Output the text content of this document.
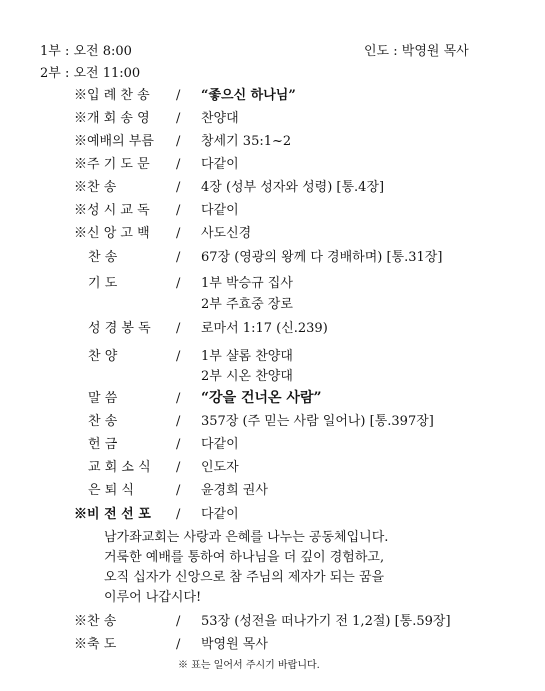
1부 : 오전 8:00
2부 : 오전 11:00
인도 : 박영원 목사
※입 례 찬 송 / “좋으신 하나님”
※개 회 송 영 / 찬양대
※예배의 부름 / 창세기 35:1~2
※주 기 도 문 / 다같이
※찬 송	/ 4장 (성부 성자와 성령) [통.4장]
※성 시 교 독 / 다같이
※신 앙 고 백 / 사도신경
찬 송	/ 67장 (영광의 왕께 다 경배하며) [통.31장]
기 도	/ 1부 박승규 집사
2부 주효중 장로
성 경 봉 독 / 로마서 1:17 (신.239)
찬 양	/ 1부 샬롬 찬양대
2부 시온 찬양대
말 씀	/ “강을 건너온 사람”
찬 송	/ 357장 (주 믿는 사람 일어나) [통.397장]
헌 금	/ 다같이
교 회 소 식 / 인도자
은 퇴 식	/ 윤경희 권사
※비 전 선 포 / 다같이
남가좌교회는 사랑과 은혜를 나누는 공동체입니다.
거룩한 예배를 통하여 하나님을 더 깊이 경험하고,
오직 십자가 신앙으로 참 주님의 제자가 되는 꿈을
이루어 나갑시다!
※찬 송	/ 53장 (성전을 떠나가기 전 1,2절) [통.59장]
※축 도	/ 박영원 목사
※ 표는 일어서 주시기 바랍니다.
